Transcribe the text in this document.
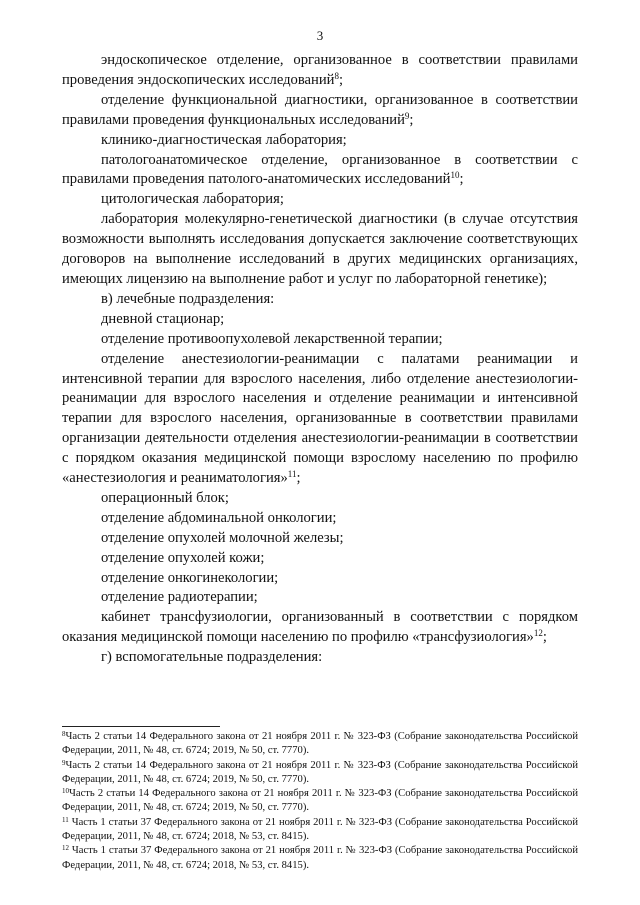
3

эндоскопическое отделение, организованное в соответствии правилами проведения эндоскопических исследований$^8$;

отделение функциональной диагностики, организованное в соответствии правилами проведения функциональных исследований$^9$;

клинико-диагностическая лаборатория;

патологоанатомическое отделение, организованное в соответствии с правилами проведения патолого-анатомических исследований$^{10}$;

цитологическая лаборатория;

лаборатория молекулярно-генетической диагностики (в случае отсутствия возможности выполнять исследования допускается заключение соответствующих договоров на выполнение исследований в других медицинских организациях, имеющих лицензию на выполнение работ и услуг по лабораторной генетике);

в) лечебные подразделения:

дневной стационар;

отделение противоопухолевой лекарственной терапии;

отделение анестезиологии-реанимации с палатами реанимации и интенсивной терапии для взрослого населения, либо отделение анестезиологии-реанимации для взрослого населения и отделение реанимации и интенсивной терапии для взрослого населения, организованные в соответствии правилами организации деятельности отделения анестезиологии-реанимации в соответствии с порядком оказания медицинской помощи взрослому населению по профилю «анестезиология и реаниматология»$^{11}$;

операционный блок;

отделение абдоминальной онкологии;

отделение опухолей молочной железы;

отделение опухолей кожи;

отделение онкогинекологии;

отделение радиотерапии;

кабинет трансфузиологии, организованный в соответствии с порядком оказания медицинской помощи населению по профилю «трансфузиология»$^{12}$;

г) вспомогательные подразделения:

$^8$Часть 2 статьи 14 Федерального закона от 21 ноября 2011 г. № 323-ФЗ (Собрание законодательства Российской Федерации, 2011, № 48, ст. 6724; 2019, № 50, ст. 7770).

$^9$Часть 2 статьи 14 Федерального закона от 21 ноября 2011 г. № 323-ФЗ (Собрание законодательства Российской Федерации, 2011, № 48, ст. 6724; 2019, № 50, ст. 7770).

$^{10}$Часть 2 статьи 14 Федерального закона от 21 ноября 2011 г. № 323-ФЗ (Собрание законодательства Российской Федерации, 2011, № 48, ст. 6724; 2019, № 50, ст. 7770).

$^{11}$ Часть 1 статьи 37 Федерального закона от 21 ноября 2011 г. № 323-ФЗ (Собрание законодательства Российской Федерации, 2011, № 48, ст. 6724; 2018, № 53, ст. 8415).

$^{12}$ Часть 1 статьи 37 Федерального закона от 21 ноября 2011 г. № 323-ФЗ (Собрание законодательства Российской Федерации, 2011, № 48, ст. 6724; 2018, № 53, ст. 8415).
